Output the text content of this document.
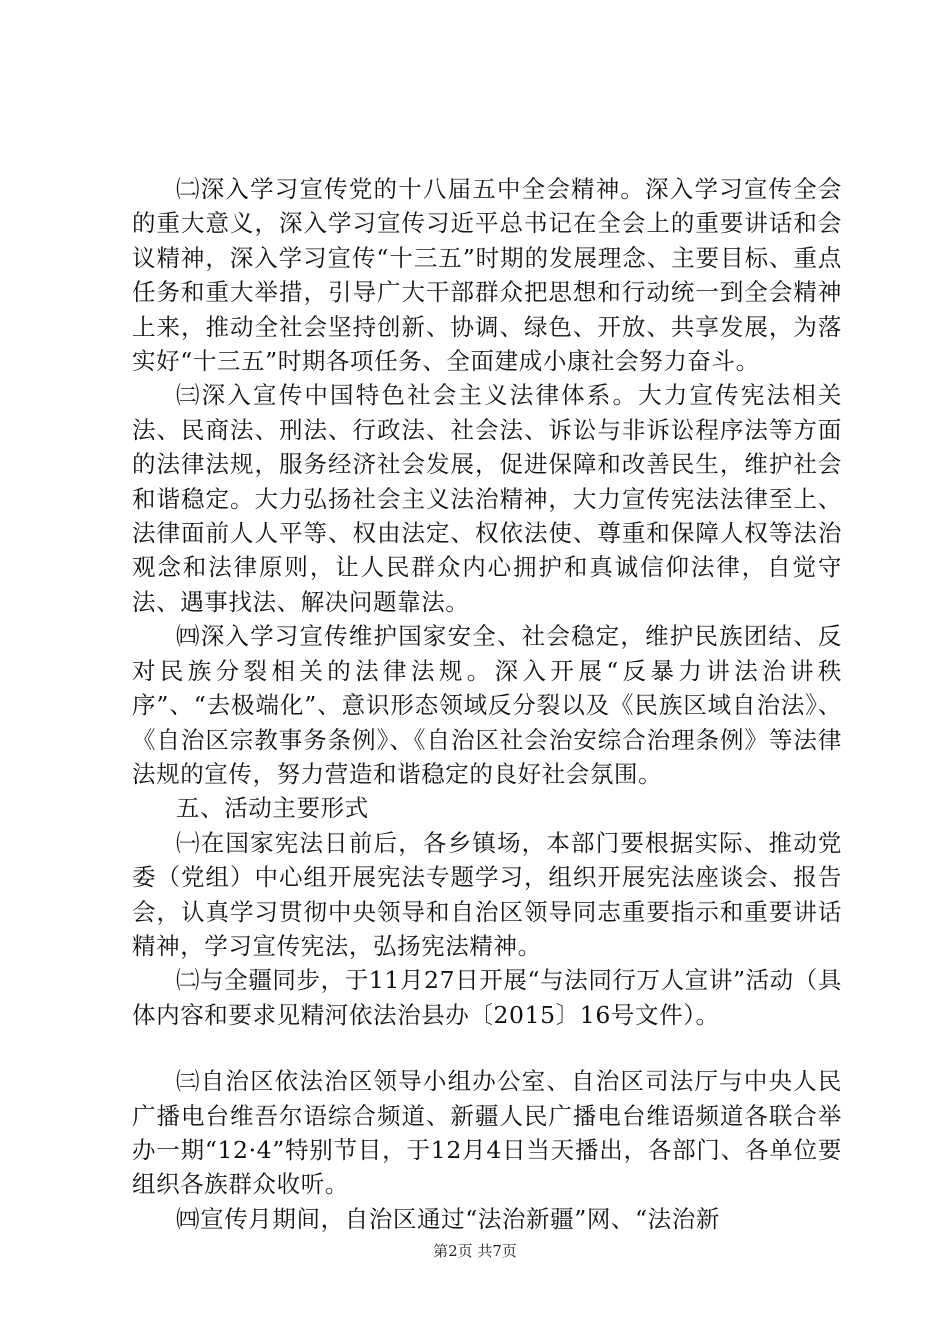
㈡深入学习宣传党的十八届五中全会精神。深入学习宣传全会的重大意义，深入学习宣传习近平总书记在全会上的重要讲话和会议精神，深入学习宣传“十三五”时期的发展理念、主要目标、重点任务和重大举措，引导广大干部群众把思想和行动统一到全会精神上来，推动全社会坚持创新、协调、绿色、开放、共享发展，为落实好“十三五”时期各项任务、全面建成小康社会努力奋斗。

㈢深入宣传中国特色社会主义法律体系。大力宣传宪法相关法、民商法、刑法、行政法、社会法、诉讼与非诉讼程序法等方面的法律法规，服务经济社会发展，促进保障和改善民生，维护社会和谐稳定。大力弘扬社会主义法治精神，大力宣传宪法法律至上、法律面前人人平等、权由法定、权依法使、尊重和保障人权等法治观念和法律原则，让人民群众内心拥护和真诚信仰法律，自觉守法、遇事找法、解决问题靠法。

㈣深入学习宣传维护国家安全、社会稳定，维护民族团结、反对民族分裂相关的法律法规。深入开展“反暴力讲法治讲秩序”、“去极端化”、意识形态领域反分裂以及《民族区域自治法》、《自治区宗教事务条例》、《自治区社会治安综合治理条例》等法律法规的宣传，努力营造和谐稳定的良好社会氛围。

五、活动主要形式

㈠在国家宪法日前后，各乡镇场，本部门要根据实际、推动党委（党组）中心组开展宪法专题学习，组织开展宪法座谈会、报告会，认真学习贯彻中央领导和自治区领导同志重要指示和重要讲话精神，学习宣传宪法，弘扬宪法精神。

㈡与全疆同步，于11月27日开展“与法同行万人宣讲”活动（具体内容和要求见精河依法治县办〔2015〕16号文件）。

㈢自治区依法治区领导小组办公室、自治区司法厅与中央人民广播电台维吾尔语综合频道、新疆人民广播电台维语频道各联合举办一期“12·4”特别节目，于12月4日当天播出，各部门、各单位要组织各族群众收听。

㈣宣传月期间，自治区通过“法治新疆”网、“法治新

第2页 共7页
